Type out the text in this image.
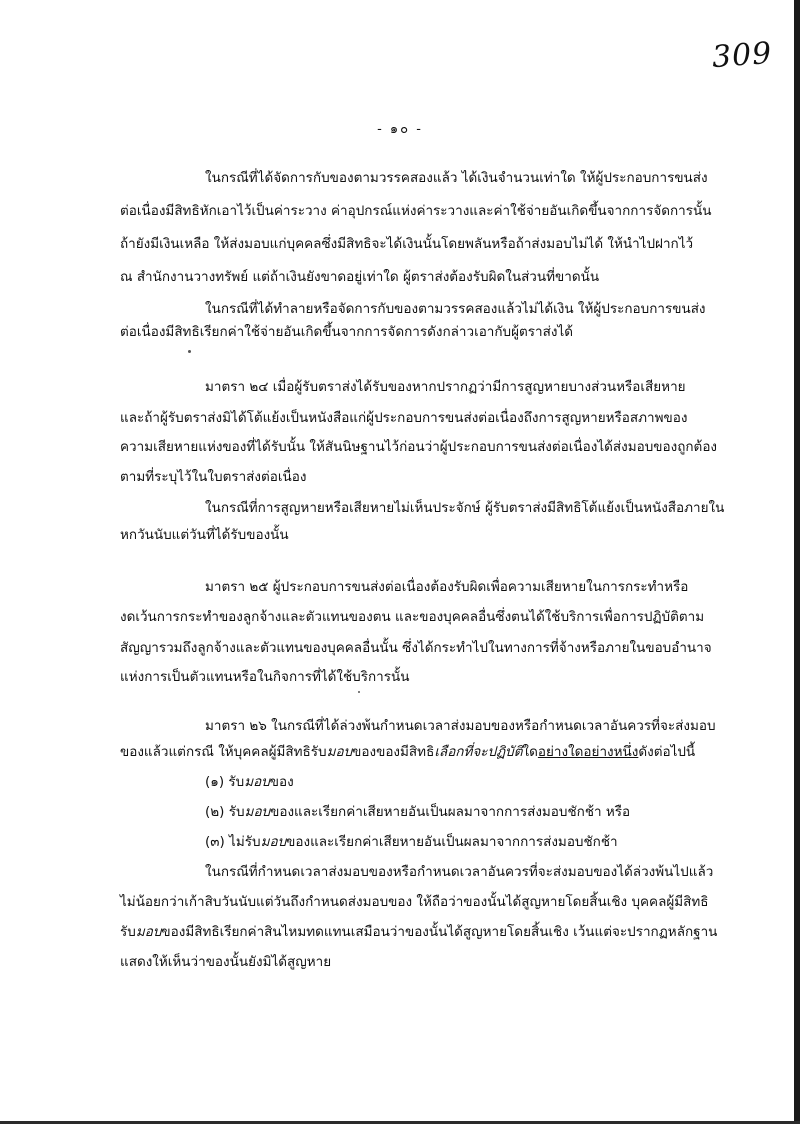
309
- ๑๐ -
ในกรณีที่ได้จัดการกับของตามวรรคสองแล้ว ได้เงินจำนวนเท่าใด ให้ผู้ประกอบการขนส่ง
ต่อเนื่องมีสิทธิหักเอาไว้เป็นค่าระวาง ค่าอุปกรณ์แห่งค่าระวางและค่าใช้จ่ายอันเกิดขึ้นจากการจัดการนั้น
ถ้ายังมีเงินเหลือ ให้ส่งมอบแก่บุคคลซึ่งมีสิทธิจะได้เงินนั้นโดยพลันหรือถ้าส่งมอบไม่ได้ ให้นำไปฝากไว้
ณ สำนักงานวางทรัพย์ แต่ถ้าเงินยังขาดอยู่เท่าใด ผู้ตราส่งต้องรับผิดในส่วนที่ขาดนั้น
ในกรณีที่ได้ทำลายหรือจัดการกับของตามวรรคสองแล้วไม่ได้เงิน ให้ผู้ประกอบการขนส่ง
ต่อเนื่องมีสิทธิเรียกค่าใช้จ่ายอันเกิดขึ้นจากการจัดการดังกล่าวเอากับผู้ตราส่งได้
มาตรา ๒๔ เมื่อผู้รับตราส่งได้รับของหากปรากฏว่ามีการสูญหายบางส่วนหรือเสียหาย
และถ้าผู้รับตราส่งมิได้โต้แย้งเป็นหนังสือแก่ผู้ประกอบการขนส่งต่อเนื่องถึงการสูญหายหรือสภาพของ
ความเสียหายแห่งของที่ได้รับนั้น ให้สันนิษฐานไว้ก่อนว่าผู้ประกอบการขนส่งต่อเนื่องได้ส่งมอบของถูกต้อง
ตามที่ระบุไว้ในใบตราส่งต่อเนื่อง
ในกรณีที่การสูญหายหรือเสียหายไม่เห็นประจักษ์ ผู้รับตราส่งมีสิทธิโต้แย้งเป็นหนังสือภายใน
หกวันนับแต่วันที่ได้รับของนั้น
มาตรา ๒๕ ผู้ประกอบการขนส่งต่อเนื่องต้องรับผิดเพื่อความเสียหายในการกระทำหรือ
งดเว้นการกระทำของลูกจ้างและตัวแทนของตน และของบุคคลอื่นซึ่งตนได้ใช้บริการเพื่อการปฏิบัติตาม
สัญญารวมถึงลูกจ้างและตัวแทนของบุคคลอื่นนั้น ซึ่งได้กระทำไปในทางการที่จ้างหรือภายในขอบอำนาจ
แห่งการเป็นตัวแทนหรือในกิจการที่ได้ใช้บริการนั้น
มาตรา ๒๖ ในกรณีที่ได้ล่วงพ้นกำหนดเวลาส่งมอบของหรือกำหนดเวลาอันควรที่จะส่งมอบ
ของแล้วแต่กรณี ให้บุคคลผู้มีสิทธิรับมอบของของมีสิทธิเลือกที่จะปฏิบัติใดอย่างใดอย่างหนึ่งดังต่อไปนี้
(๑) รับมอบของ
(๒) รับมอบของและเรียกค่าเสียหายอันเป็นผลมาจากการส่งมอบชักช้า หรือ
(๓) ไม่รับมอบของและเรียกค่าเสียหายอันเป็นผลมาจากการส่งมอบชักช้า
ในกรณีที่กำหนดเวลาส่งมอบของหรือกำหนดเวลาอันควรที่จะส่งมอบของได้ล่วงพ้นไปแล้ว
ไม่น้อยกว่าเก้าสิบวันนับแต่วันถึงกำหนดส่งมอบของ ให้ถือว่าของนั้นได้สูญหายโดยสิ้นเชิง บุคคลผู้มีสิทธิ
รับมอบของมีสิทธิเรียกค่าสินไหมทดแทนเสมือนว่าของนั้นได้สูญหายโดยสิ้นเชิง เว้นแต่จะปรากฏหลักฐาน
แสดงให้เห็นว่าของนั้นยังมิได้สูญหาย
